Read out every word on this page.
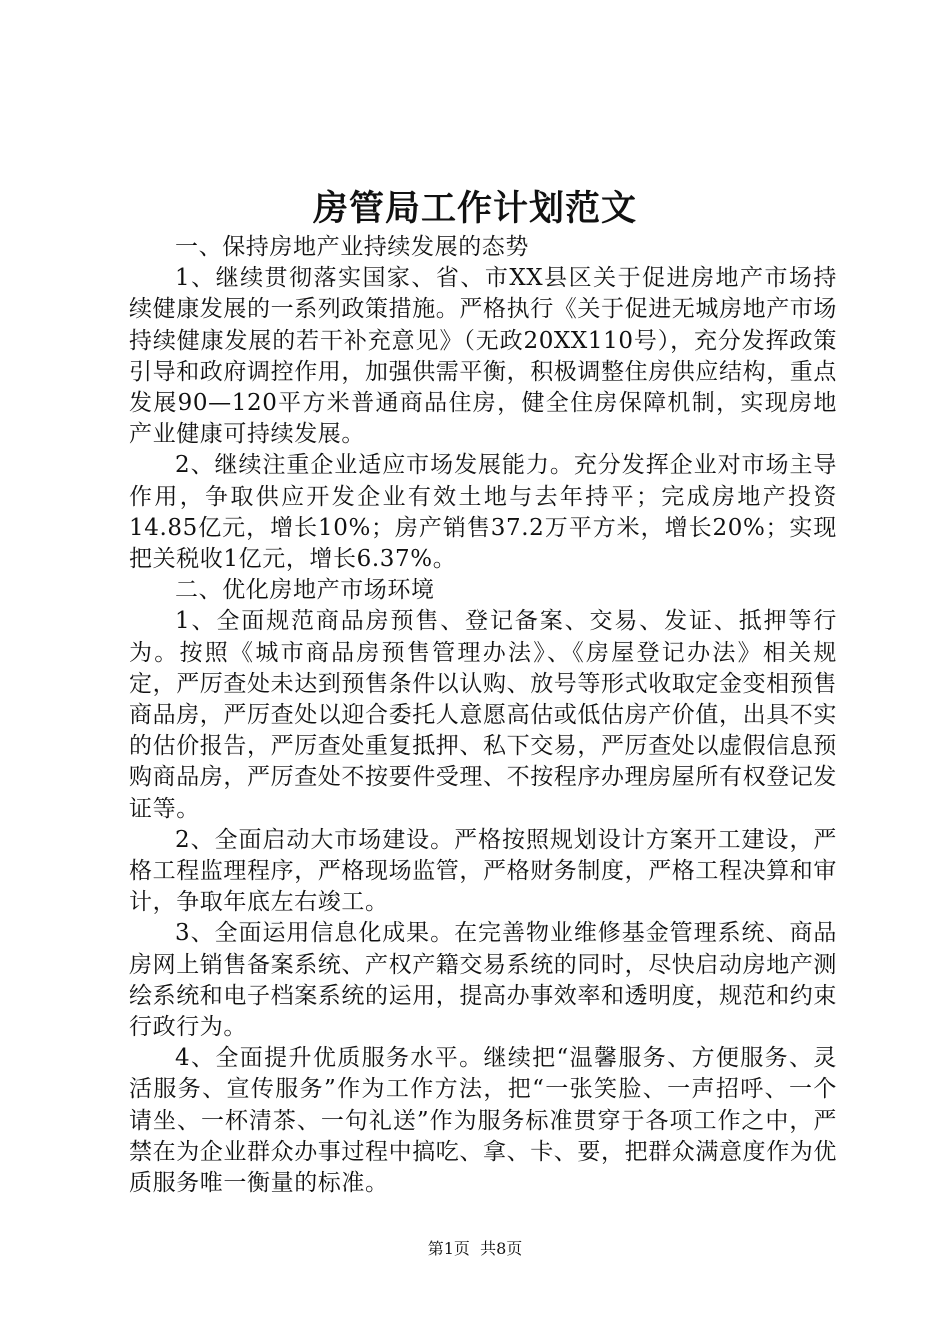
房管局工作计划范文

一、保持房地产业持续发展的态势

1、继续贯彻落实国家、省、市XX县区关于促进房地产市场持续健康发展的一系列政策措施。严格执行《关于促进无城房地产市场持续健康发展的若干补充意见》（无政20XX110号），充分发挥政策引导和政府调控作用，加强供需平衡，积极调整住房供应结构，重点发展90—120平方米普通商品住房，健全住房保障机制，实现房地产业健康可持续发展。

2、继续注重企业适应市场发展能力。充分发挥企业对市场主导作用，争取供应开发企业有效土地与去年持平；完成房地产投资14.85亿元，增长10%；房产销售37.2万平方米，增长20%；实现把关税收1亿元，增长6.37%。

二、优化房地产市场环境

1、全面规范商品房预售、登记备案、交易、发证、抵押等行为。按照《城市商品房预售管理办法》、《房屋登记办法》相关规定，严厉查处未达到预售条件以认购、放号等形式收取定金变相预售商品房，严厉查处以迎合委托人意愿高估或低估房产价值，出具不实的估价报告，严厉查处重复抵押、私下交易，严厉查处以虚假信息预购商品房，严厉查处不按要件受理、不按程序办理房屋所有权登记发证等。

2、全面启动大市场建设。严格按照规划设计方案开工建设，严格工程监理程序，严格现场监管，严格财务制度，严格工程决算和审计，争取年底左右竣工。

3、全面运用信息化成果。在完善物业维修基金管理系统、商品房网上销售备案系统、产权产籍交易系统的同时，尽快启动房地产测绘系统和电子档案系统的运用，提高办事效率和透明度，规范和约束行政行为。

4、全面提升优质服务水平。继续把“温馨服务、方便服务、灵活服务、宣传服务”作为工作方法，把“一张笑脸、一声招呼、一个请坐、一杯清茶、一句礼送”作为服务标准贯穿于各项工作之中，严禁在为企业群众办事过程中搞吃、拿、卡、要，把群众满意度作为优质服务唯一衡量的标准。

第1页  共8页
